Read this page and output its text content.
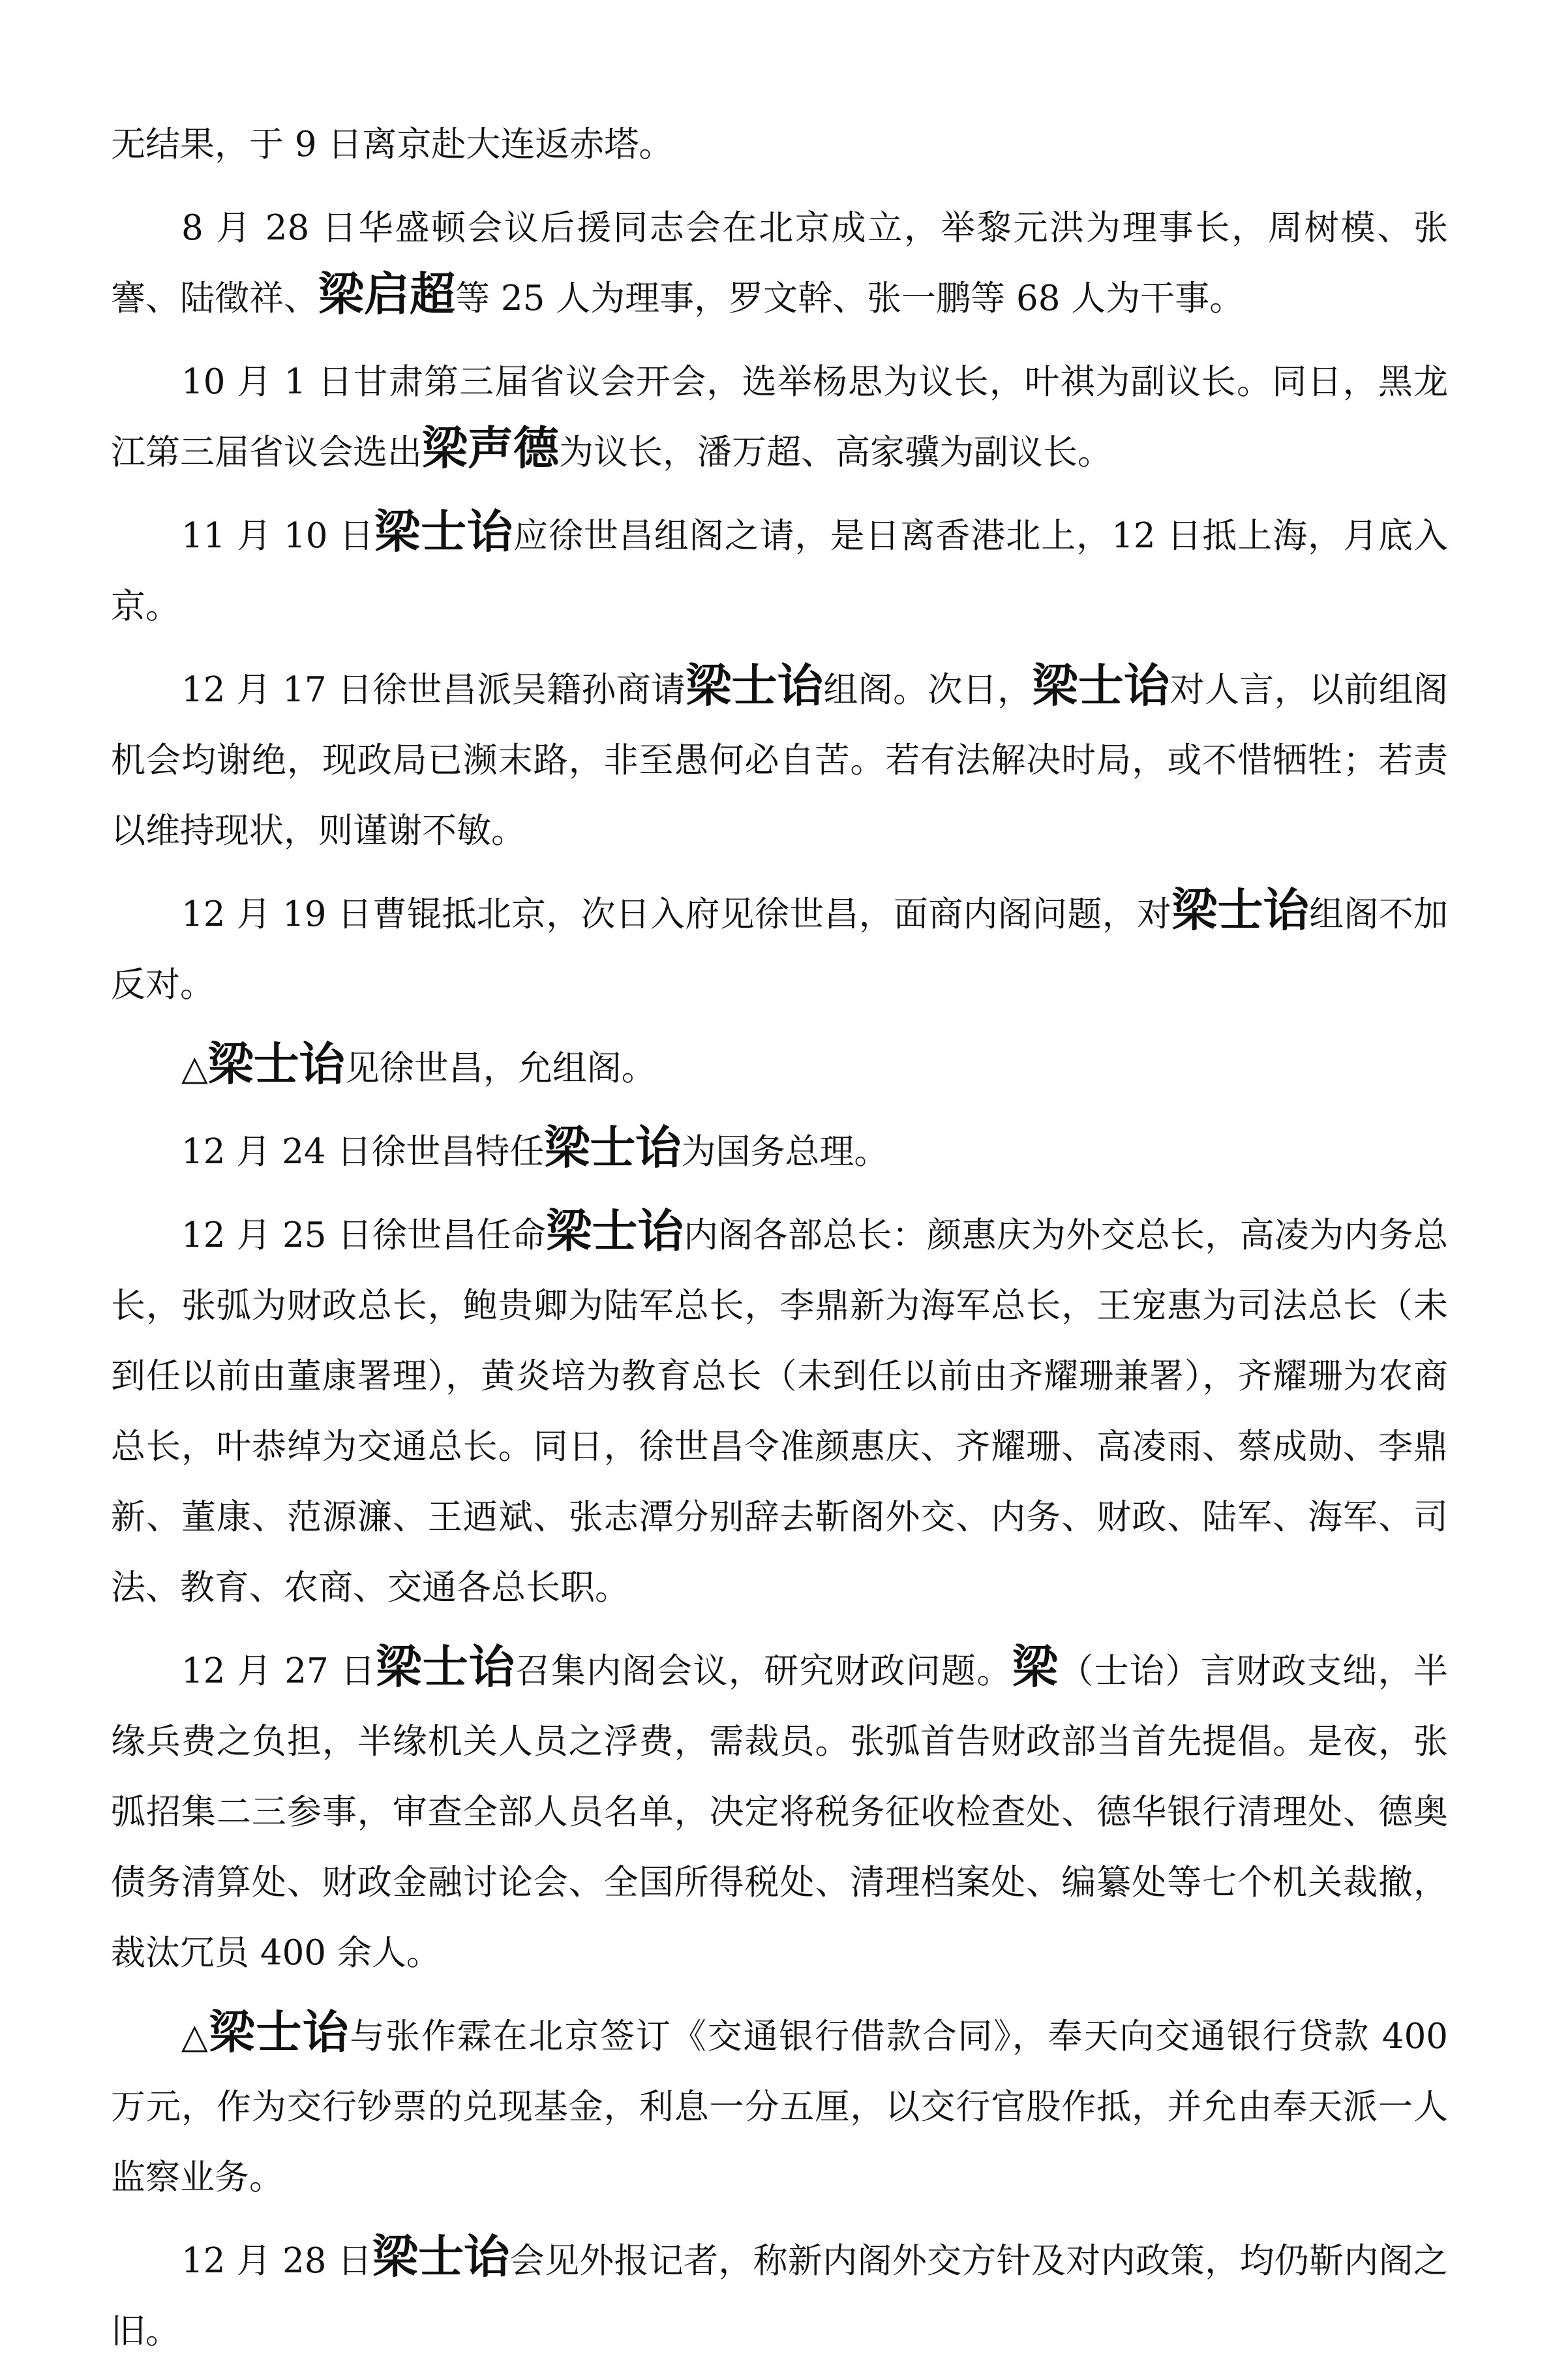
无结果，于 9 日离京赴大连返赤塔。

8 月 28 日华盛顿会议后援同志会在北京成立，举黎元洪为理事长，周树模、张謇、陆徵祥、梁启超等 25 人为理事，罗文幹、张一鹏等 68 人为干事。

10 月 1 日甘肃第三届省议会开会，选举杨思为议长，叶祺为副议长。同日，黑龙江第三届省议会选出梁声德为议长，潘万超、高家骥为副议长。

11 月 10 日梁士诒应徐世昌组阁之请，是日离香港北上，12 日抵上海，月底入京。

12 月 17 日徐世昌派吴籍孙商请梁士诒组阁。次日，梁士诒对人言，以前组阁机会均谢绝，现政局已濒末路，非至愚何必自苦。若有法解决时局，或不惜牺牲；若责以维持现状，则谨谢不敏。

12 月 19 日曹锟抵北京，次日入府见徐世昌，面商内阁问题，对梁士诒组阁不加反对。

△梁士诒见徐世昌，允组阁。

12 月 24 日徐世昌特任梁士诒为国务总理。

12 月 25 日徐世昌任命梁士诒内阁各部总长：颜惠庆为外交总长，高凌为内务总长，张弧为财政总长，鲍贵卿为陆军总长，李鼎新为海军总长，王宠惠为司法总长（未到任以前由董康署理），黄炎培为教育总长（未到任以前由齐耀珊兼署），齐耀珊为农商总长，叶恭绰为交通总长。同日，徐世昌令准颜惠庆、齐耀珊、高凌雨、蔡成勋、李鼎新、董康、范源濂、王迺斌、张志潭分别辞去靳阁外交、内务、财政、陆军、海军、司法、教育、农商、交通各总长职。

12 月 27 日梁士诒召集内阁会议，研究财政问题。梁（士诒）言财政支绌，半缘兵费之负担，半缘机关人员之浮费，需裁员。张弧首告财政部当首先提倡。是夜，张弧招集二三参事，审查全部人员名单，决定将税务征收检查处、德华银行清理处、德奥债务清算处、财政金融讨论会、全国所得税处、清理档案处、编纂处等七个机关裁撤，裁汰冗员 400 余人。

△梁士诒与张作霖在北京签订《交通银行借款合同》，奉天向交通银行贷款 400 万元，作为交行钞票的兑现基金，利息一分五厘，以交行官股作抵，并允由奉天派一人监察业务。

12 月 28 日梁士诒会见外报记者，称新内阁外交方针及对内政策，均仍靳内阁之旧。
